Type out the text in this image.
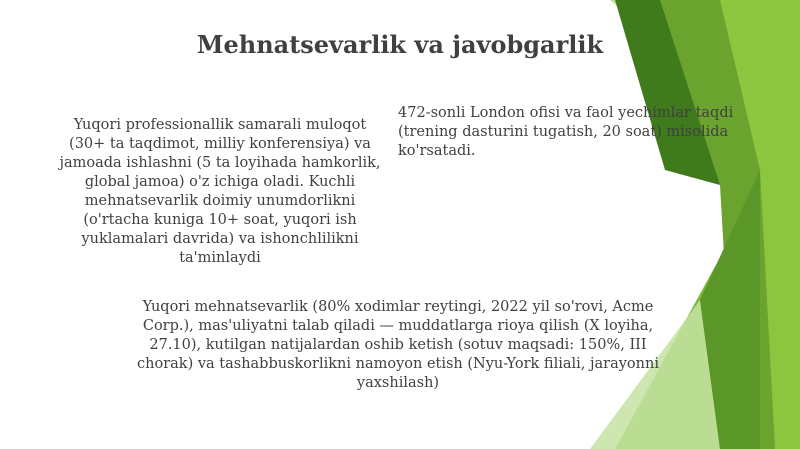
Mehnatsevarlik va javobgarlik
Yuqori professionallik samarali muloqot
(30+ ta taqdimot, milliy konferensiya) va
jamoada ishlashni (5 ta loyihada hamkorlik,
global jamoa) o'z ichiga oladi. Kuchli
mehnatsevarlik doimiy unumdorlikni
(o'rtacha kuniga 10+ soat, yuqori ish
yuklamalari davrida) va ishonchlilikni
ta'minlaydi
472-sonli London ofisi va faol yechimlar taqdi
(trening dasturini tugatish, 20 soat) misolida
ko'rsatadi.
Yuqori mehnatsevarlik (80% xodimlar reytingi, 2022 yil so'rovi, Acme
Corp.), mas'uliyatni talab qiladi — muddatlarga rioya qilish (X loyiha,
27.10), kutilgan natijalardan oshib ketish (sotuv maqsadi: 150%, III
chorak) va tashabbuskorlikni namoyon etish (Nyu-York filiali, jarayonni
yaxshilash)
